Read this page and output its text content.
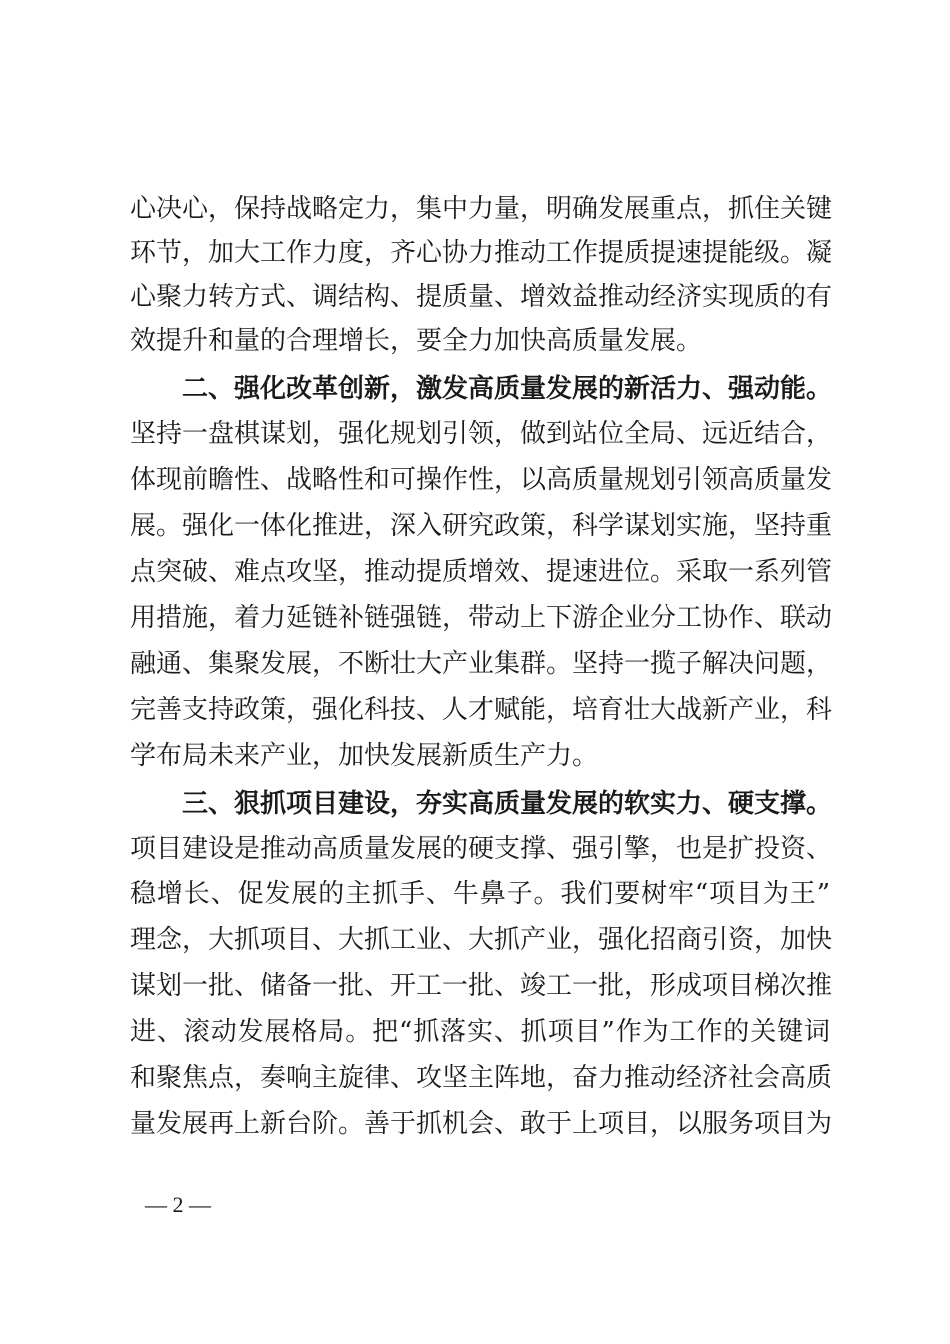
心决心，保持战略定力，集中力量，明确发展重点，抓住关键
环节，加大工作力度，齐心协力推动工作提质提速提能级。凝
心聚力转方式、调结构、提质量、增效益推动经济实现质的有
效提升和量的合理增长，要全力加快高质量发展。
二、强化改革创新，激发高质量发展的新活力、强动能。
坚持一盘棋谋划，强化规划引领，做到站位全局、远近结合，
体现前瞻性、战略性和可操作性，以高质量规划引领高质量发
展。强化一体化推进，深入研究政策，科学谋划实施，坚持重
点突破、难点攻坚，推动提质增效、提速进位。采取一系列管
用措施，着力延链补链强链，带动上下游企业分工协作、联动
融通、集聚发展，不断壮大产业集群。坚持一揽子解决问题，
完善支持政策，强化科技、人才赋能，培育壮大战新产业，科
学布局未来产业，加快发展新质生产力。
三、狠抓项目建设，夯实高质量发展的软实力、硬支撑。
项目建设是推动高质量发展的硬支撑、强引擎，也是扩投资、
稳增长、促发展的主抓手、牛鼻子。我们要树牢“项目为王”
理念，大抓项目、大抓工业、大抓产业，强化招商引资，加快
谋划一批、储备一批、开工一批、竣工一批，形成项目梯次推
进、滚动发展格局。把“抓落实、抓项目”作为工作的关键词
和聚焦点，奏响主旋律、攻坚主阵地，奋力推动经济社会高质
量发展再上新台阶。善于抓机会、敢于上项目，以服务项目为
— 2 —
